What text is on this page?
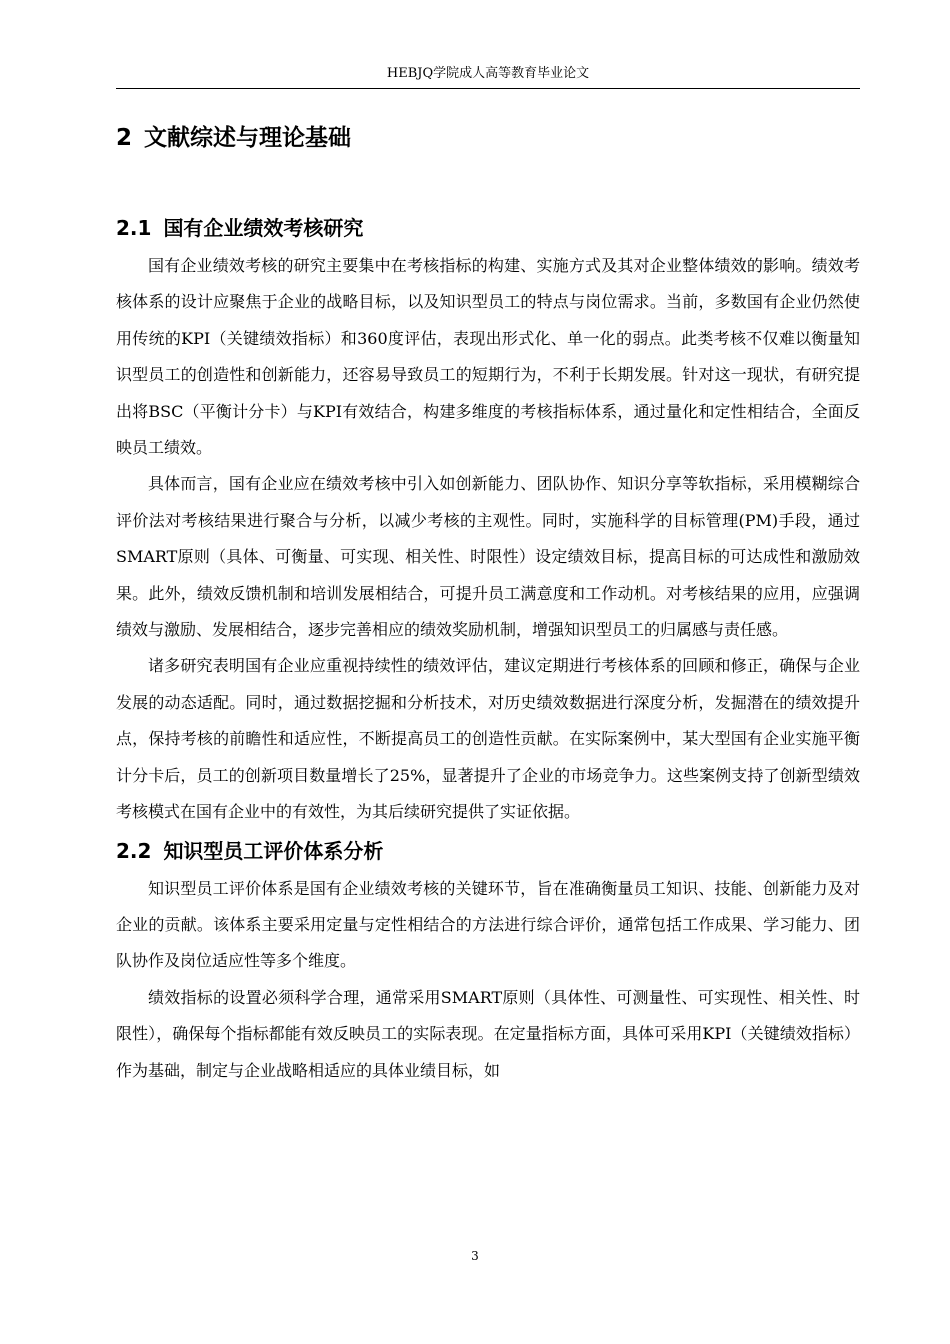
HEBJQ学院成人高等教育毕业论文
2 文献综述与理论基础
2.1 国有企业绩效考核研究

国有企业绩效考核的研究主要集中在考核指标的构建、实施方式及其对企业整体绩效的影响。绩效考核体系的设计应聚焦于企业的战略目标，以及知识型员工的特点与岗位需求。当前，多数国有企业仍然使用传统的KPI（关键绩效指标）和360度评估，表现出形式化、单一化的弱点。此类考核不仅难以衡量知识型员工的创造性和创新能力，还容易导致员工的短期行为，不利于长期发展。针对这一现状，有研究提出将BSC（平衡计分卡）与KPI有效结合，构建多维度的考核指标体系，通过量化和定性相结合，全面反映员工绩效。

具体而言，国有企业应在绩效考核中引入如创新能力、团队协作、知识分享等软指标，采用模糊综合评价法对考核结果进行聚合与分析，以减少考核的主观性。同时，实施科学的目标管理(PM)手段，通过SMART原则（具体、可衡量、可实现、相关性、时限性）设定绩效目标，提高目标的可达成性和激励效果。此外，绩效反馈机制和培训发展相结合，可提升员工满意度和工作动机。对考核结果的应用，应强调绩效与激励、发展相结合，逐步完善相应的绩效奖励机制，增强知识型员工的归属感与责任感。

诸多研究表明国有企业应重视持续性的绩效评估，建议定期进行考核体系的回顾和修正，确保与企业发展的动态适配。同时，通过数据挖掘和分析技术，对历史绩效数据进行深度分析，发掘潜在的绩效提升点，保持考核的前瞻性和适应性，不断提高员工的创造性贡献。在实际案例中，某大型国有企业实施平衡计分卡后，员工的创新项目数量增长了25%，显著提升了企业的市场竞争力。这些案例支持了创新型绩效考核模式在国有企业中的有效性，为其后续研究提供了实证依据。

2.2 知识型员工评价体系分析

知识型员工评价体系是国有企业绩效考核的关键环节，旨在准确衡量员工知识、技能、创新能力及对企业的贡献。该体系主要采用定量与定性相结合的方法进行综合评价，通常包括工作成果、学习能力、团队协作及岗位适应性等多个维度。

绩效指标的设置必须科学合理，通常采用SMART原则（具体性、可测量性、可实现性、相关性、时限性），确保每个指标都能有效反映员工的实际表现。在定量指标方面，具体可采用KPI（关键绩效指标）作为基础，制定与企业战略相适应的具体业绩目标，如

3
